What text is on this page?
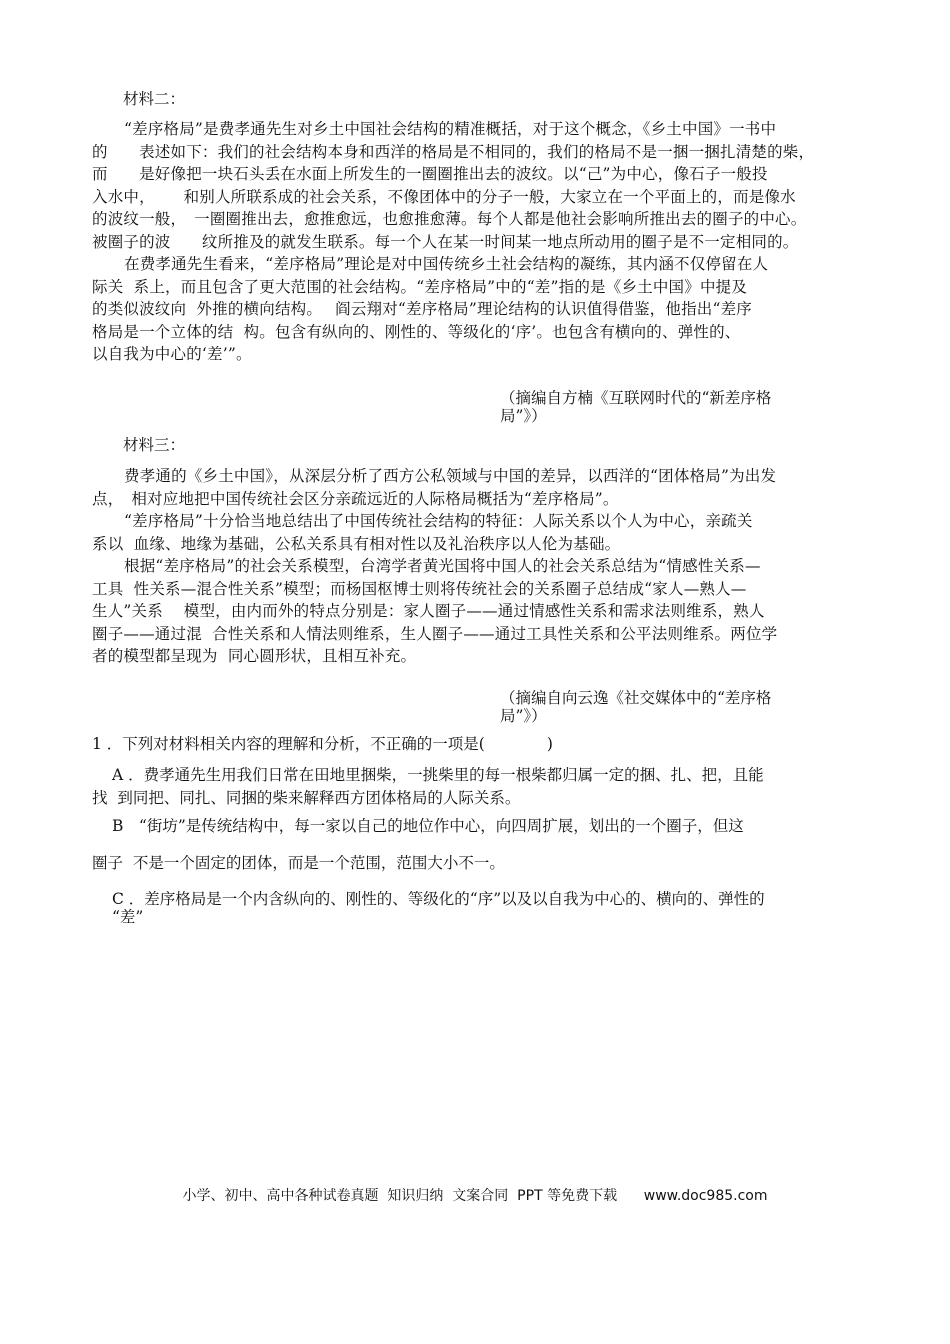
材料二：
“差序格局”是费孝通先生对乡土中国社会结构的精准概括，对于这个概念，《乡土中国》一书中
的　　表述如下：我们的社会结构本身和西洋的格局是不相同的，我们的格局不是一捆一捆扎清楚的柴，
而　　是好像把一块石头丢在水面上所发生的一圈圈推出去的波纹。以“己”为中心，像石子一般投
入水中，　　 和别人所联系成的社会关系，不像团体中的分子一般，大家立在一个平面上的，而是像水
的波纹一般，　一圈圈推出去，愈推愈远，也愈推愈薄。每个人都是他社会影响所推出去的圈子的中心。
被圈子的波　　纹所推及的就发生联系。每一个人在某一时间某一地点所动用的圈子是不一定相同的。
在费孝通先生看来，“差序格局”理论是对中国传统乡土社会结构的凝练，其内涵不仅停留在人
际关  系上，而且包含了更大范围的社会结构。“差序格局”中的“差”指的是《乡土中国》中提及
的类似波纹向  外推的横向结构。　 阎云翔对“差序格局”理论结构的认识值得借鉴，他指出“差序
格局是一个立体的结  构。包含有纵向的、刚性的、等级化的‘序’。也包含有横向的、弹性的、
以自我为中心的‘差’”。
（摘编自方楠《互联网时代的“新差序格
局”》）
材料三：
费孝通的《乡土中国》，从深层分析了西方公私领域与中国的差异，以西洋的“团体格局”为出发
点，　相对应地把中国传统社会区分亲疏远近的人际格局概括为“差序格局”。
“差序格局”十分恰当地总结出了中国传统社会结构的特征：人际关系以个人为中心，亲疏关
系以  血缘、地缘为基础，公私关系具有相对性以及礼治秩序以人伦为基础。
根据“差序格局”的社会关系模型，台湾学者黄光国将中国人的社会关系总结为“情感性关系—
工具  性关系—混合性关系”模型；而杨国枢博士则将传统社会的关系圈子总结成“家人—熟人—
生人”关系　 模型，由内而外的特点分别是：家人圈子——通过情感性关系和需求法则维系，熟人
圈子——通过混  合性关系和人情法则维系，生人圈子——通过工具性关系和公平法则维系。两位学
者的模型都呈现为  同心圆形状，且相互补充。
（摘编自向云逸《社交媒体中的“差序格
局”》）
1 ．下列对材料相关内容的理解和分析，不正确的一项是(　　　　)
A ．费孝通先生用我们日常在田地里捆柴，一挑柴里的每一根柴都归属一定的捆、扎、把，且能
找  到同把、同扎、同捆的柴来解释西方团体格局的人际关系。
B　“街坊”是传统结构中，每一家以自己的地位作中心，向四周扩展，划出的一个圈子，但这
圈子  不是一个固定的团体，而是一个范围，范围大小不一。
C ．差序格局是一个内含纵向的、刚性的、等级化的“序”以及以自我为中心的、横向的、弹性的
“差”
小学、初中、高中各种试卷真题  知识归纳  文案合同  PPT 等免费下载      www.doc985.com
